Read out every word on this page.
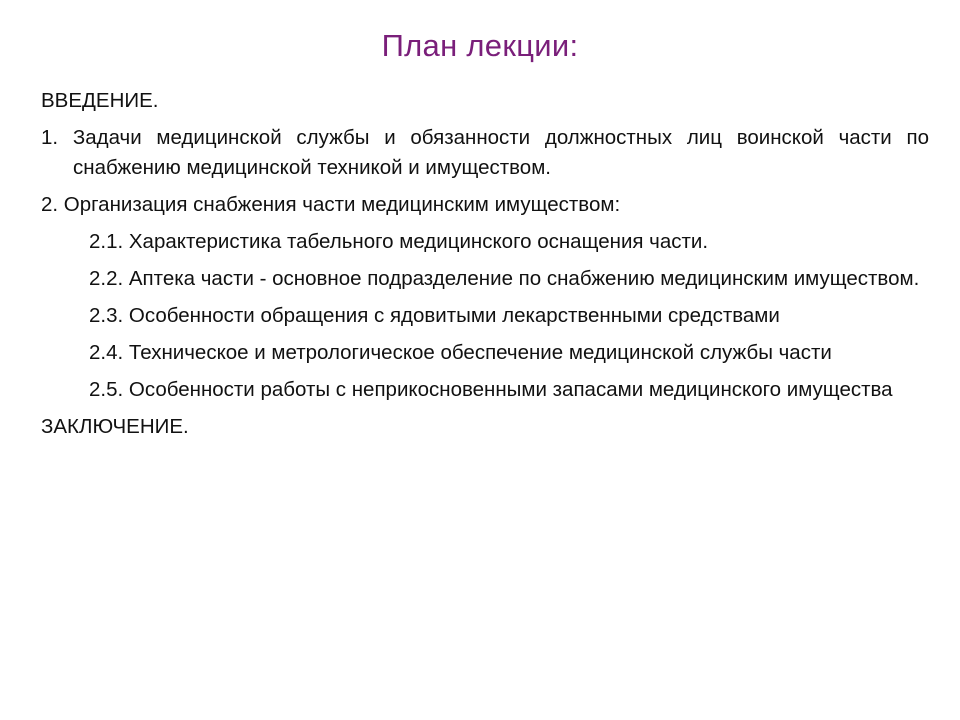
План лекции:

ВВЕДЕНИЕ.

1. Задачи медицинской службы и обязанности должностных лиц воинской части по снабжению медицинской техникой и имуществом.

2. Организация снабжения части медицинским имуществом:

2.1. Характеристика табельного медицинского оснащения части.

2.2. Аптека части - основное подразделение по снабжению медицинским имуществом.

2.3. Особенности обращения с ядовитыми лекарственными средствами

2.4. Техническое и метрологическое обеспечение медицинской службы части

2.5. Особенности работы с неприкосновенными запасами медицинского имущества

ЗАКЛЮЧЕНИЕ.
